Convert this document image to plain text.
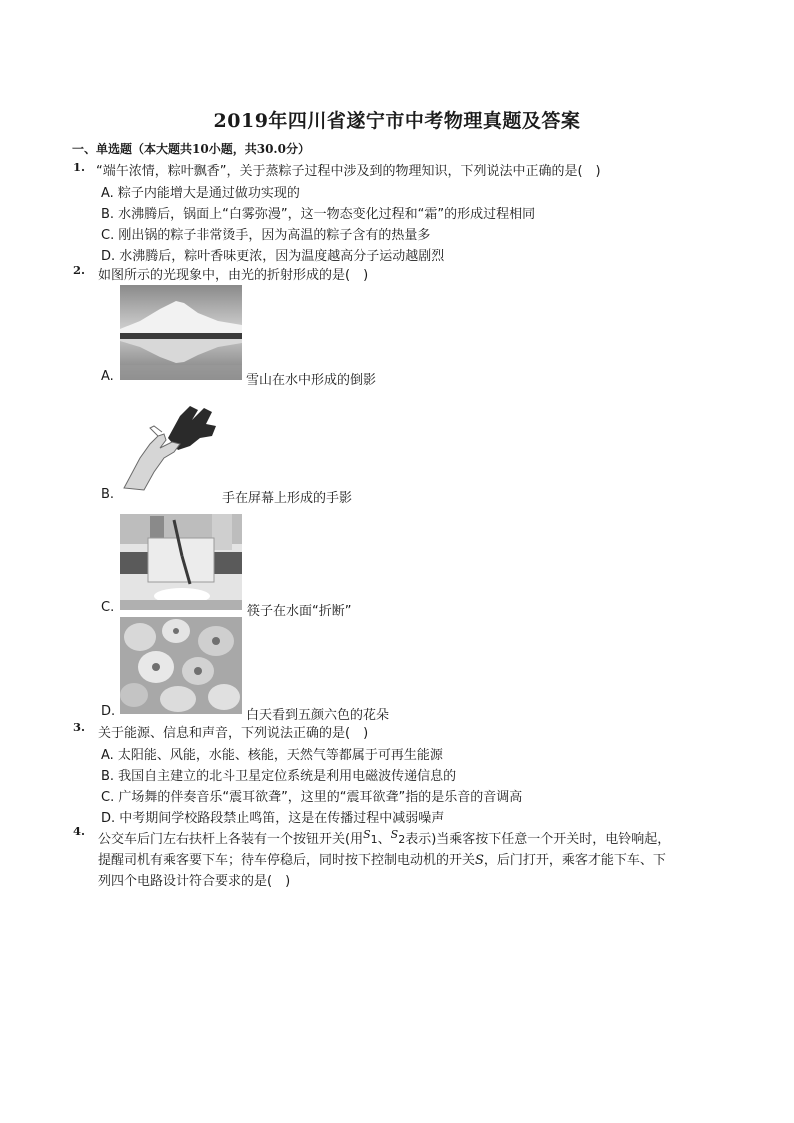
2019年四川省遂宁市中考物理真题及答案
一、单选题（本大题共10小题，共30.0分）
1. “端午浓情，粽叶飘香”，关于蒸粽子过程中涉及到的物理知识，下列说法中正确的是(　)
A. 粽子内能增大是通过做功实现的
B. 水沸腾后，锅面上“白雾弥漫”，这一物态变化过程和“霜”的形成过程相同
C. 刚出锅的粽子非常烫手，因为高温的粽子含有的热量多
D. 水沸腾后，粽叶香味更浓，因为温度越高分子运动越剧烈
2. 如图所示的光现象中，由光的折射形成的是(　)
A.	雪山在水中形成的倒影
B.	手在屏幕上形成的手影
C.	筷子在水面“折断”
D.	白天看到五颜六色的花朵
3. 关于能源、信息和声音，下列说法正确的是(　)
A. 太阳能、风能，水能、核能，天然气等都属于可再生能源
B. 我国自主建立的北斗卫星定位系统是利用电磁波传递信息的
C. 广场舞的伴奏音乐“震耳欲聋”，这里的“震耳欲聋”指的是乐音的音调高
D. 中考期间学校路段禁止鸣笛，这是在传播过程中减弱噪声
4.
公交车后门左右扶杆上各装有一个按钮开关(用$^S$1、$^S$2表示)当乘客按下任意一个开关时，电铃响起，
提醒司机有乘客要下车；待车停稳后，同时按下控制电动机的开关S，后门打开，乘客才能下车、下
列四个电路设计符合要求的是(　)
